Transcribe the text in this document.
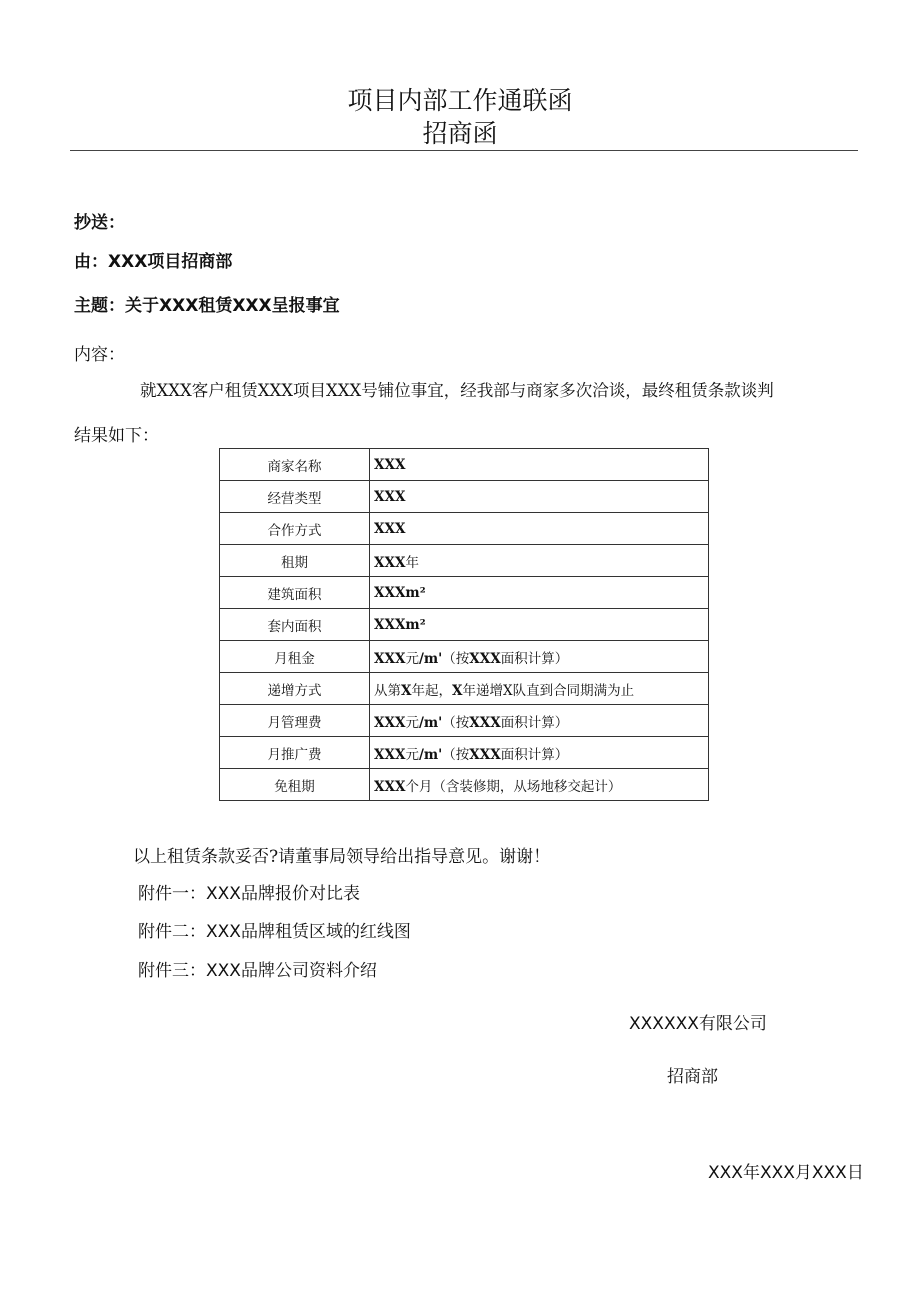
项目内部工作通联函
招商函
抄送：
由：XXX项目招商部
主题：关于XXX租赁XXX呈报事宜
内容：
就XXX客户租赁XXX项目XXX号铺位事宜，经我部与商家多次洽谈，最终租赁条款谈判
结果如下：
商家名称	XXX
经营类型	XXX
合作方式	XXX
租期	XXX年
建筑面积	XXXm²
套内面积	XXXm²
月租金	XXX元/m'（按XXX面积计算）
递增方式	从第X年起，X年递增X队直到合同期满为止
月管理费	XXX元/m'（按XXX面积计算）
月推广费	XXX元/m'（按XXX面积计算）
免租期	XXX个月（含装修期，从场地移交起计）
以上租赁条款妥否?请董事局领导给出指导意见。谢谢！
附件一：XXX品牌报价对比表
附件二：XXX品牌租赁区域的红线图
附件三：XXX品牌公司资料介绍
XXXXXX有限公司
招商部
XXX年XXX月XXX日
